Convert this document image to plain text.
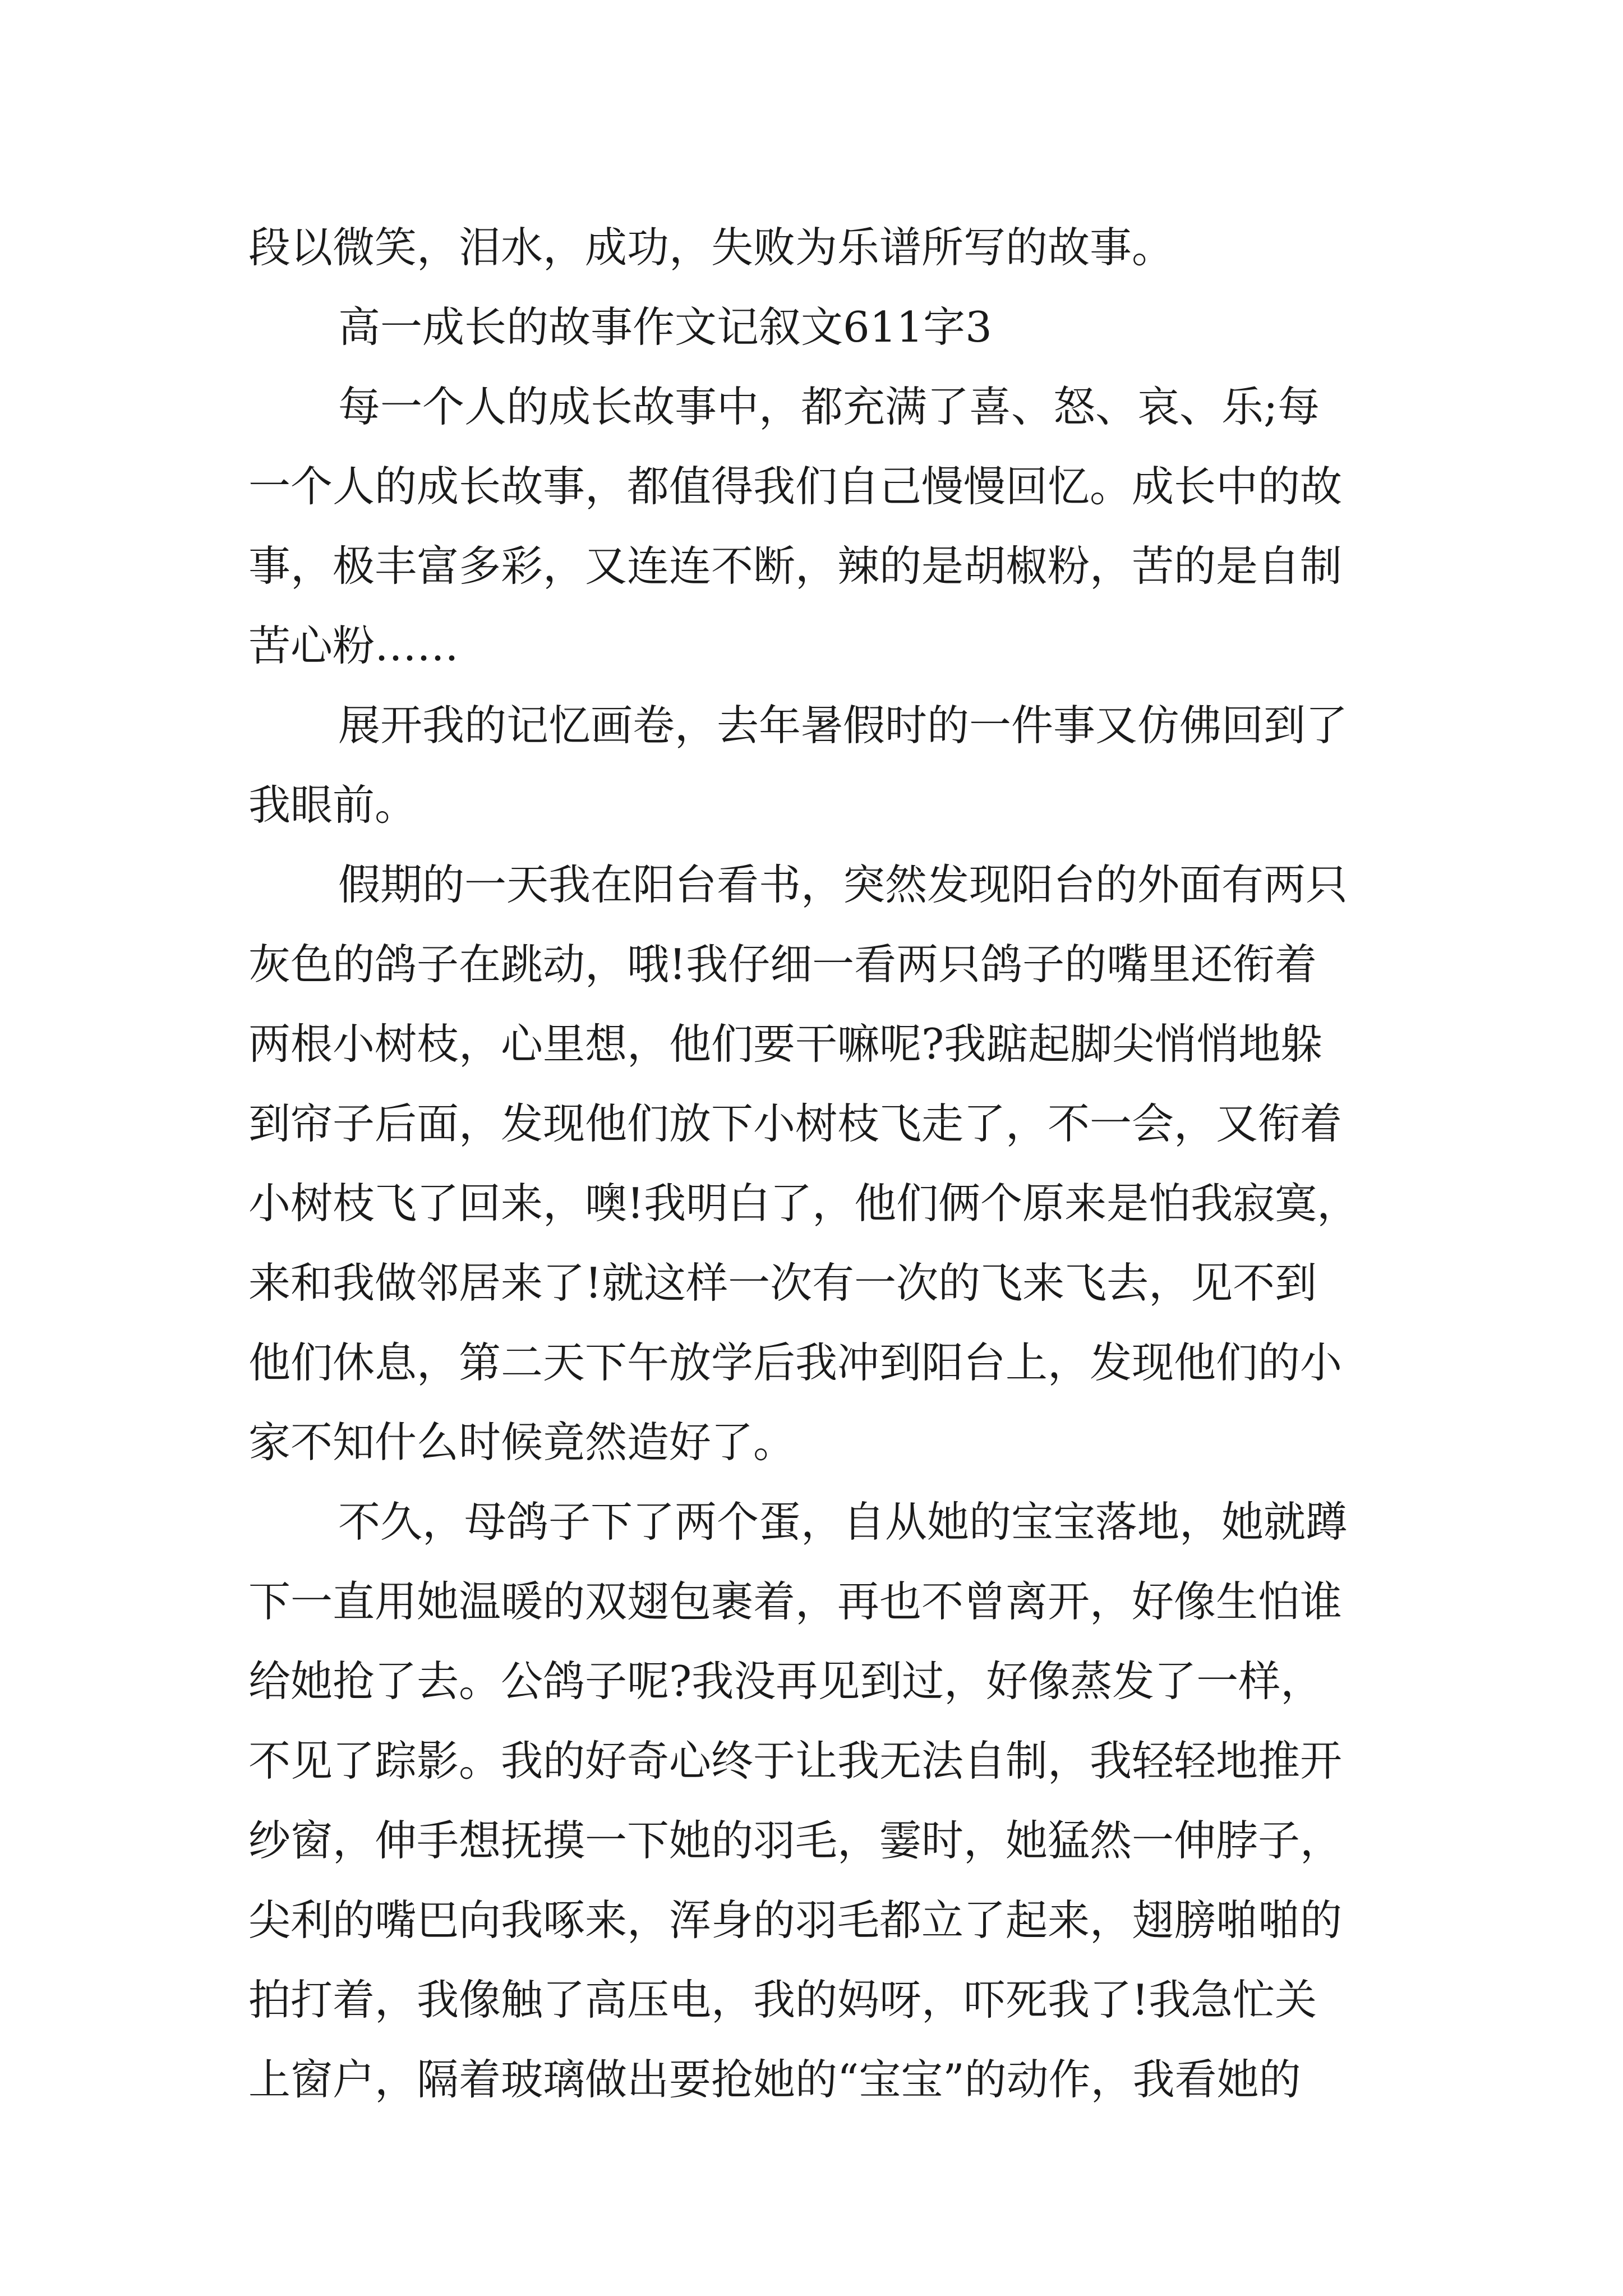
段以微笑，泪水，成功，失败为乐谱所写的故事。
高一成长的故事作文记叙文611字3
每一个人的成长故事中，都充满了喜、怒、哀、乐;每
一个人的成长故事，都值得我们自己慢慢回忆。成长中的故
事，极丰富多彩，又连连不断，辣的是胡椒粉，苦的是自制
苦心粉……
展开我的记忆画卷，去年暑假时的一件事又仿佛回到了
我眼前。
假期的一天我在阳台看书，突然发现阳台的外面有两只
灰色的鸽子在跳动，哦!我仔细一看两只鸽子的嘴里还衔着
两根小树枝，心里想，他们要干嘛呢?我踮起脚尖悄悄地躲
到帘子后面，发现他们放下小树枝飞走了，不一会，又衔着
小树枝飞了回来，噢!我明白了，他们俩个原来是怕我寂寞，
来和我做邻居来了!就这样一次有一次的飞来飞去，见不到
他们休息，第二天下午放学后我冲到阳台上，发现他们的小
家不知什么时候竟然造好了。
不久，母鸽子下了两个蛋，自从她的宝宝落地，她就蹲
下一直用她温暖的双翅包裹着，再也不曾离开，好像生怕谁
给她抢了去。公鸽子呢?我没再见到过，好像蒸发了一样，
不见了踪影。我的好奇心终于让我无法自制，我轻轻地推开
纱窗，伸手想抚摸一下她的羽毛，霎时，她猛然一伸脖子，
尖利的嘴巴向我啄来，浑身的羽毛都立了起来，翅膀啪啪的
拍打着，我像触了高压电，我的妈呀，吓死我了!我急忙关
上窗户，隔着玻璃做出要抢她的“宝宝”的动作，我看她的
